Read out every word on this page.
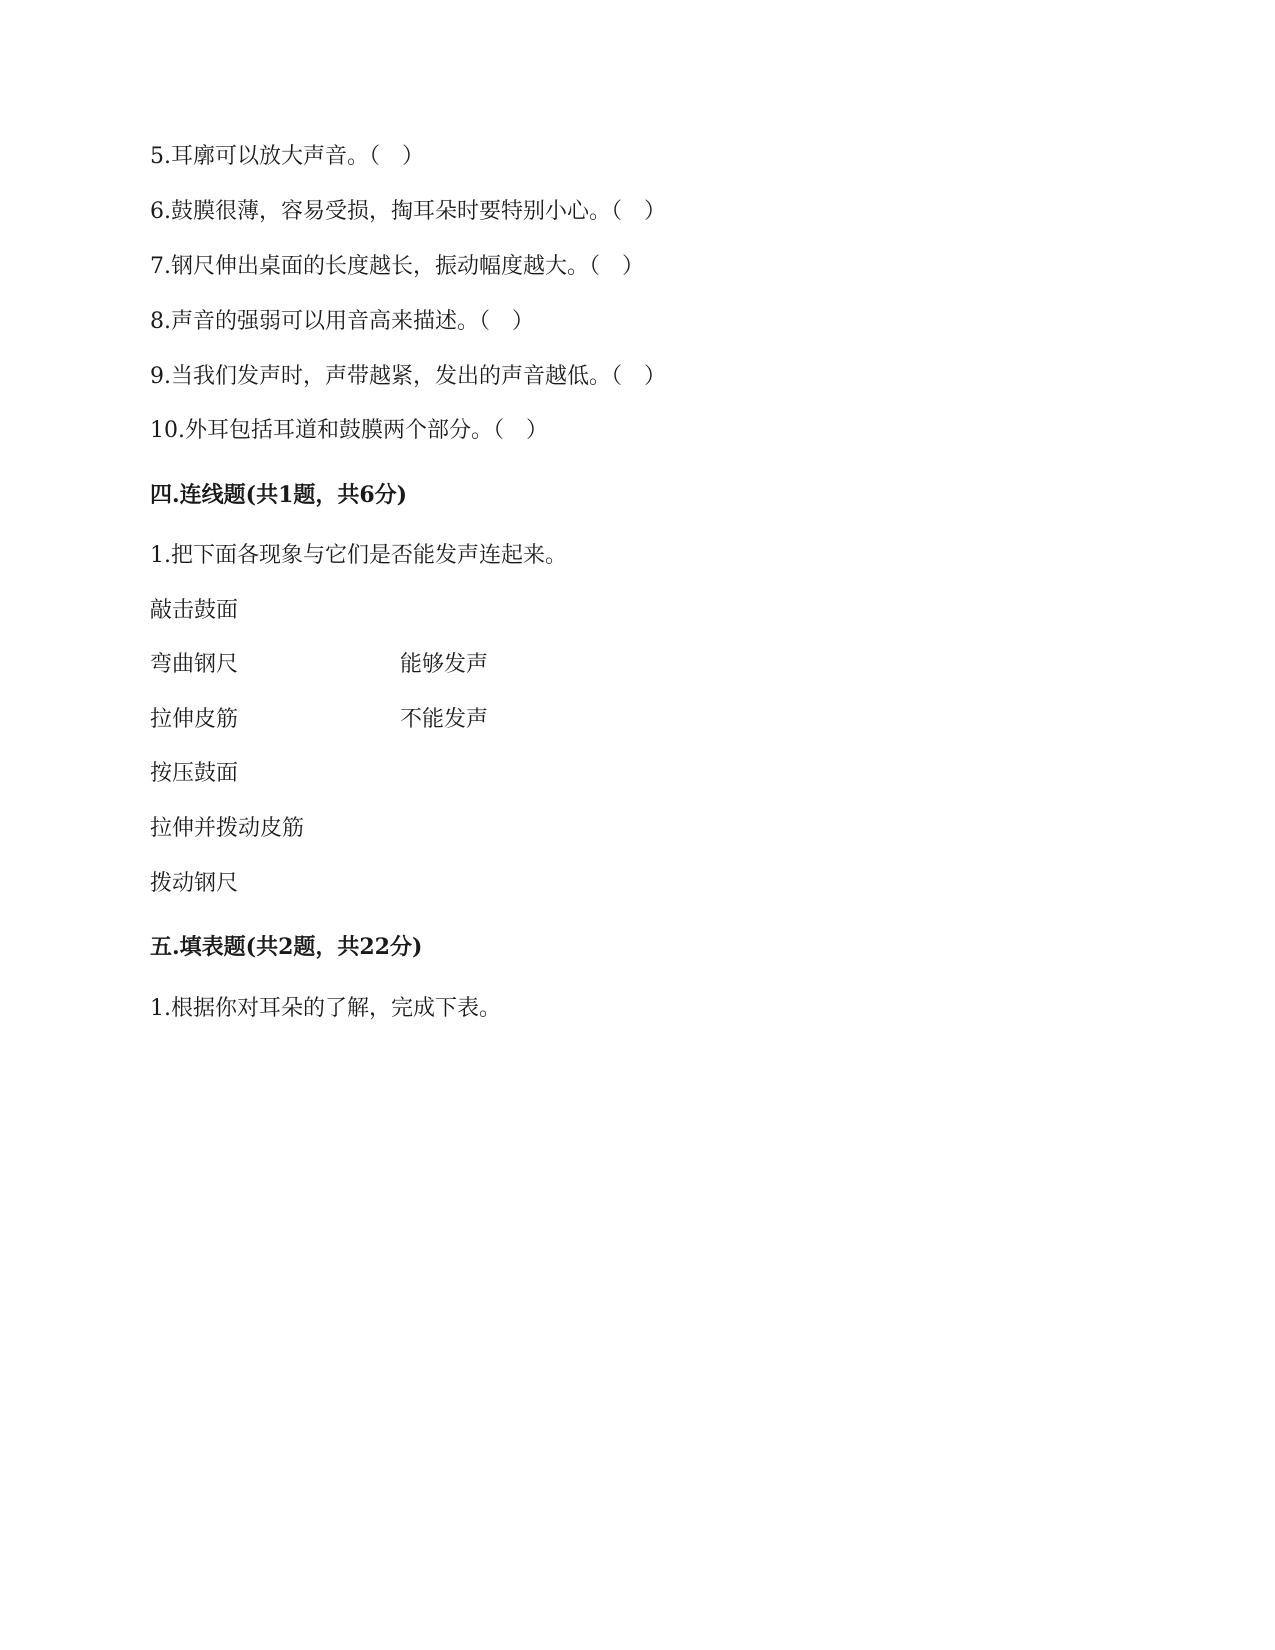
5.耳廓可以放大声音。（　）
6.鼓膜很薄，容易受损，掏耳朵时要特别小心。（　）
7.钢尺伸出桌面的长度越长，振动幅度越大。（　）
8.声音的强弱可以用音高来描述。（　）
9.当我们发声时，声带越紧，发出的声音越低。（　）
10.外耳包括耳道和鼓膜两个部分。（　）
四.连线题(共1题，共6分)
1.把下面各现象与它们是否能发声连起来。
敲击鼓面
弯曲钢尺	能够发声
拉伸皮筋	不能发声
按压鼓面
拉伸并拨动皮筋
拨动钢尺
五.填表题(共2题，共22分)
1.根据你对耳朵的了解，完成下表。
